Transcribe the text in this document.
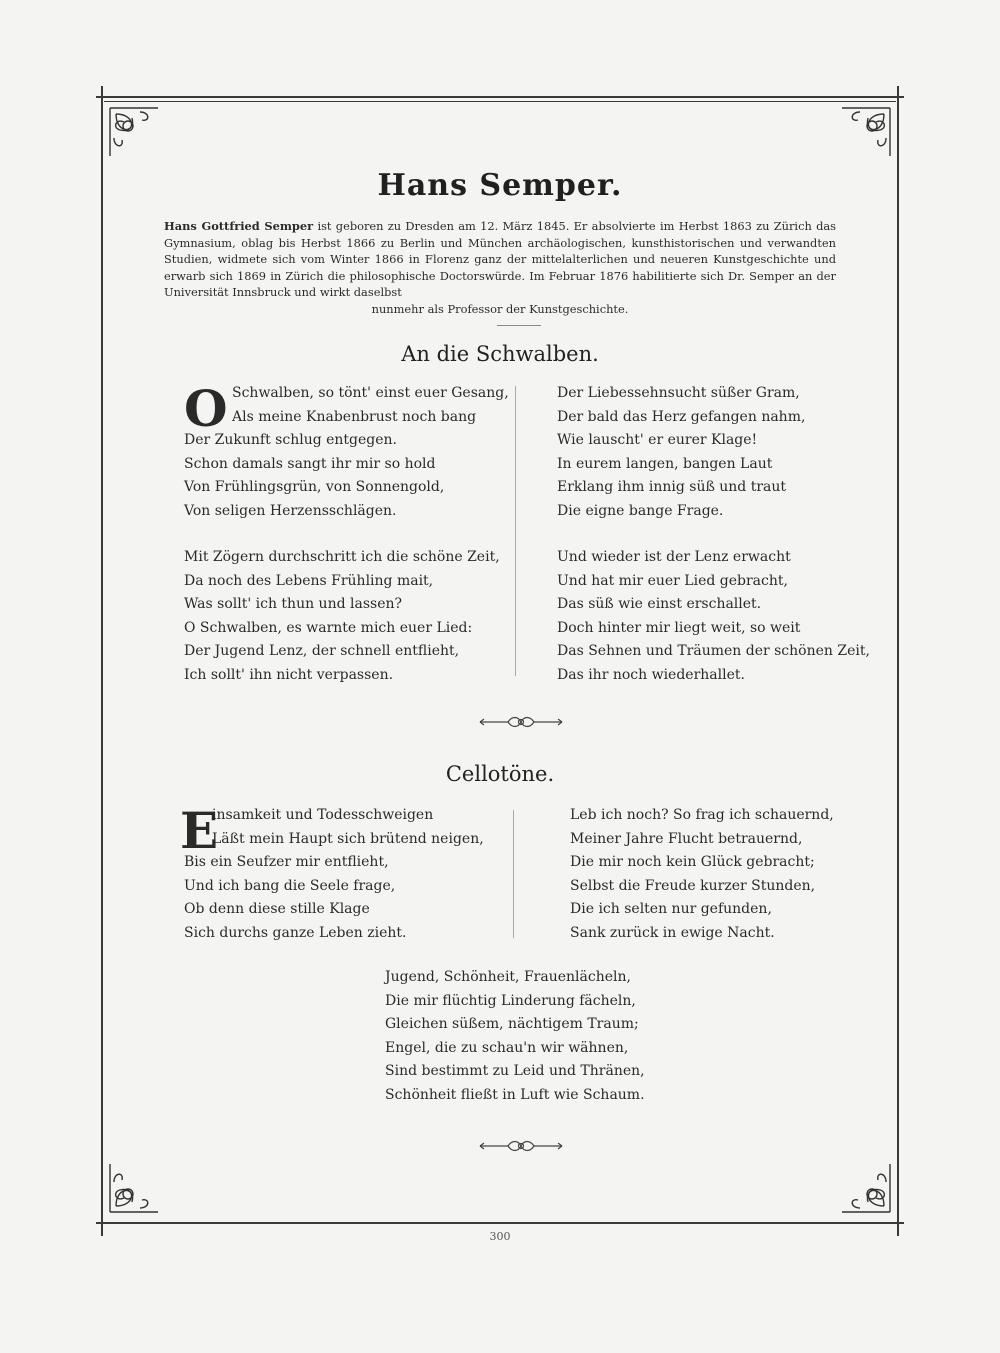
Hans Semper.
Hans Gottfried Semper ist geboren zu Dresden am 12. März 1845. Er absolvierte im Herbst 1863 zu Zürich das Gymnasium, oblag bis Herbst 1866 zu Berlin und München archäologischen, kunsthistorischen und verwandten Studien, widmete sich vom Winter 1866 in Florenz ganz der mittelalterlichen und neueren Kunstgeschichte und erwarb sich 1869 in Zürich die philosophische Doctorswürde. Im Februar 1876 habilitierte sich Dr. Semper an der Universität Innsbruck und wirkt daselbst
nunmehr als Professor der Kunstgeschichte.
An die Schwalben.
O Schwalben, so tönt' einst euer Gesang,
Als meine Knabenbrust noch bang
Der Zukunft schlug entgegen.
Schon damals sangt ihr mir so hold
Von Frühlingsgrün, von Sonnengold,
Von seligen Herzensschlägen.
Mit Zögern durchschritt ich die schöne Zeit,
Da noch des Lebens Frühling mait,
Was sollt' ich thun und lassen?
O Schwalben, es warnte mich euer Lied:
Der Jugend Lenz, der schnell entflieht,
Ich sollt' ihn nicht verpassen.
Der Liebessehnsucht süßer Gram,
Der bald das Herz gefangen nahm,
Wie lauscht' er eurer Klage!
In eurem langen, bangen Laut
Erklang ihm innig süß und traut
Die eigne bange Frage.
Und wieder ist der Lenz erwacht
Und hat mir euer Lied gebracht,
Das süß wie einst erschallet.
Doch hinter mir liegt weit, so weit
Das Sehnen und Träumen der schönen Zeit,
Das ihr noch wiederhallet.
Cellotöne.
E
insamkeit und Todesschweigen
Läßt mein Haupt sich brütend neigen,
Bis ein Seufzer mir entflieht,
Und ich bang die Seele frage,
Ob denn diese stille Klage
Sich durchs ganze Leben zieht.
Leb ich noch? So frag ich schauernd,
Meiner Jahre Flucht betrauernd,
Die mir noch kein Glück gebracht;
Selbst die Freude kurzer Stunden,
Die ich selten nur gefunden,
Sank zurück in ewige Nacht.
Jugend, Schönheit, Frauenlächeln,
Die mir flüchtig Linderung fächeln,
Gleichen süßem, nächtigem Traum;
Engel, die zu schau'n wir wähnen,
Sind bestimmt zu Leid und Thränen,
Schönheit fließt in Luft wie Schaum.
300
